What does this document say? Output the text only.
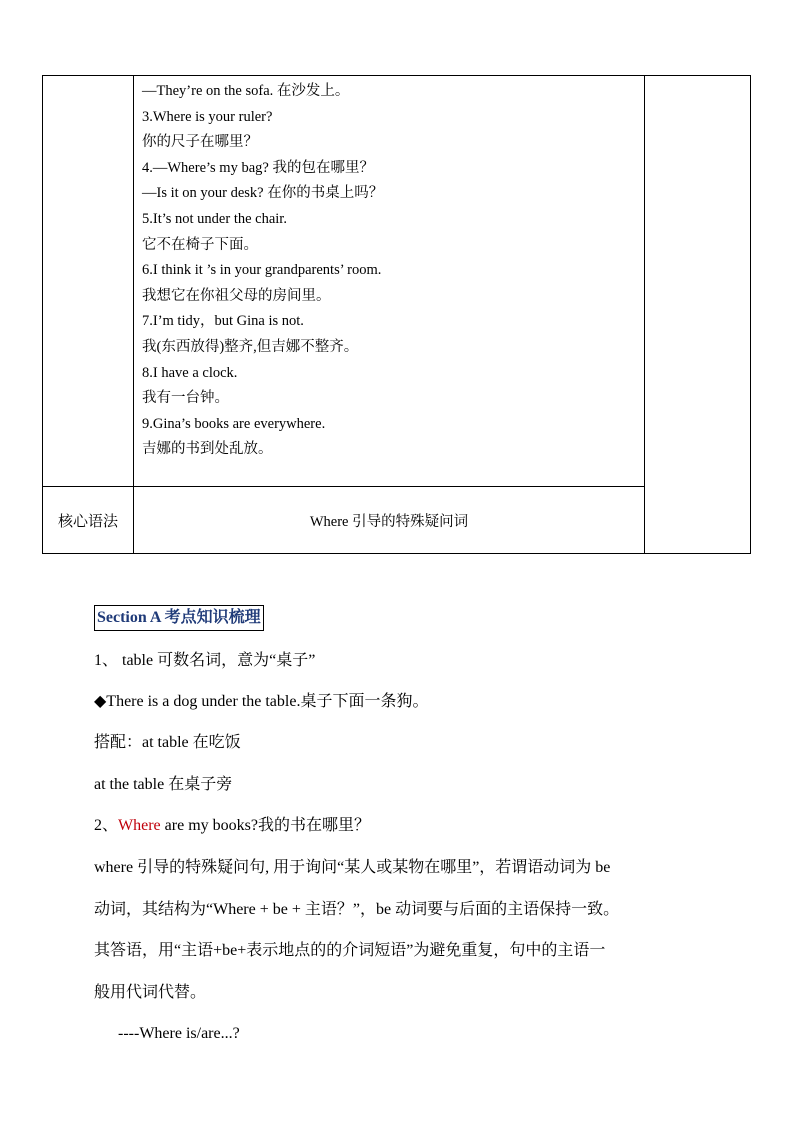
—They’re on the sofa. 在沙发上。
3.Where is your ruler?
你的尺子在哪里？
4.—Where’s my bag? 我的包在哪里？
—Is it on your desk? 在你的书桌上吗？
5.It’s not under the chair.
它不在椅子下面。
6.I think it ’s in your grandparents’ room.
我想它在你祖父母的房间里。
7.I’m tidy，but Gina is not.
我(东西放得)整齐,但吉娜不整齐。
8.I have a clock.
我有一台钟。
9.Gina’s books are everywhere.
吉娜的书到处乱放。
核心语法	Where 引导的特殊疑问词
Section A 考点知识梳理
1、 table 可数名词，意为“桌子”
◆There is a dog under the table.桌子下面一条狗。
搭配：at table 在吃饭
at the table 在桌子旁
2、Where are my books?我的书在哪里？
where 引导的特殊疑问句, 用于询问“某人或某物在哪里”，若谓语动词为 be
动词，其结构为“Where + be + 主语？”，be 动词要与后面的主语保持一致。
其答语，用“主语+be+表示地点的的介词短语”为避免重复，句中的主语一
般用代词代替。
----Where is/are...?
